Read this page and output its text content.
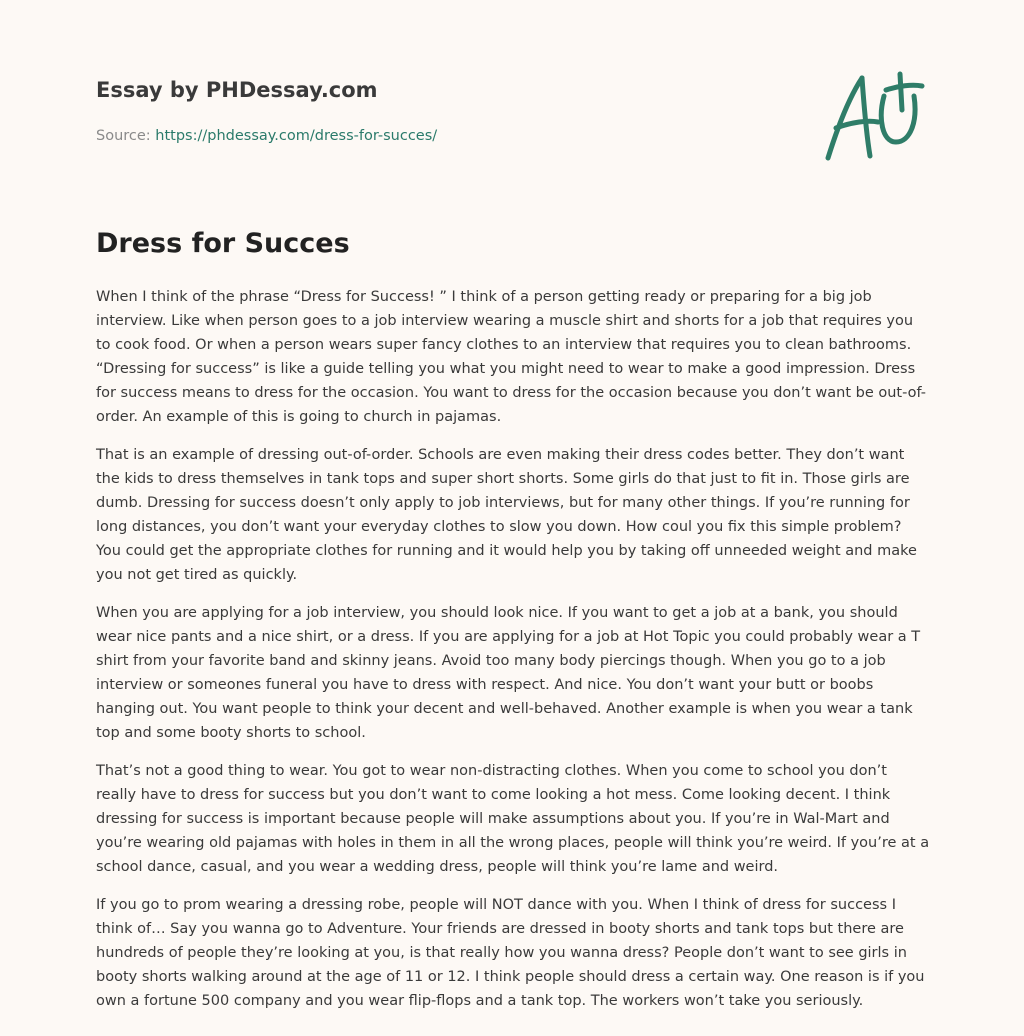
Essay by PHDessay.com
Source: https://phdessay.com/dress-for-succes/
Dress for Succes

When I think of the phrase “Dress for Success! ” I think of a person getting ready or preparing for a big job interview. Like when person goes to a job interview wearing a muscle shirt and shorts for a job that requires you to cook food. Or when a person wears super fancy clothes to an interview that requires you to clean bathrooms. “Dressing for success” is like a guide telling you what you might need to wear to make a good impression. Dress for success means to dress for the occasion. You want to dress for the occasion because you don’t want be out-of-order. An example of this is going to church in pajamas.

That is an example of dressing out-of-order. Schools are even making their dress codes better. They don’t want the kids to dress themselves in tank tops and super short shorts. Some girls do that just to fit in. Those girls are dumb. Dressing for success doesn’t only apply to job interviews, but for many other things. If you’re running for long distances, you don’t want your everyday clothes to slow you down. How coul you fix this simple problem? You could get the appropriate clothes for running and it would help you by taking off unneeded weight and make you not get tired as quickly.

When you are applying for a job interview, you should look nice. If you want to get a job at a bank, you should wear nice pants and a nice shirt, or a dress. If you are applying for a job at Hot Topic you could probably wear a T shirt from your favorite band and skinny jeans. Avoid too many body piercings though. When you go to a job interview or someones funeral you have to dress with respect. And nice. You don’t want your butt or boobs hanging out. You want people to think your decent and well-behaved. Another example is when you wear a tank top and some booty shorts to school.

That’s not a good thing to wear. You got to wear non-distracting clothes. When you come to school you don’t really have to dress for success but you don’t want to come looking a hot mess. Come looking decent. I think dressing for success is important because people will make assumptions about you. If you’re in Wal-Mart and you’re wearing old pajamas with holes in them in all the wrong places, people will think you’re weird. If you’re at a school dance, casual, and you wear a wedding dress, people will think you’re lame and weird.

If you go to prom wearing a dressing robe, people will NOT dance with you. When I think of dress for success I think of… Say you wanna go to Adventure. Your friends are dressed in booty shorts and tank tops but there are hundreds of people they’re looking at you, is that really how you wanna dress? People don’t want to see girls in booty shorts walking around at the age of 11 or 12. I think people should dress a certain way. One reason is if you own a fortune 500 company and you wear flip-flops and a tank top. The workers won’t take you seriously.
